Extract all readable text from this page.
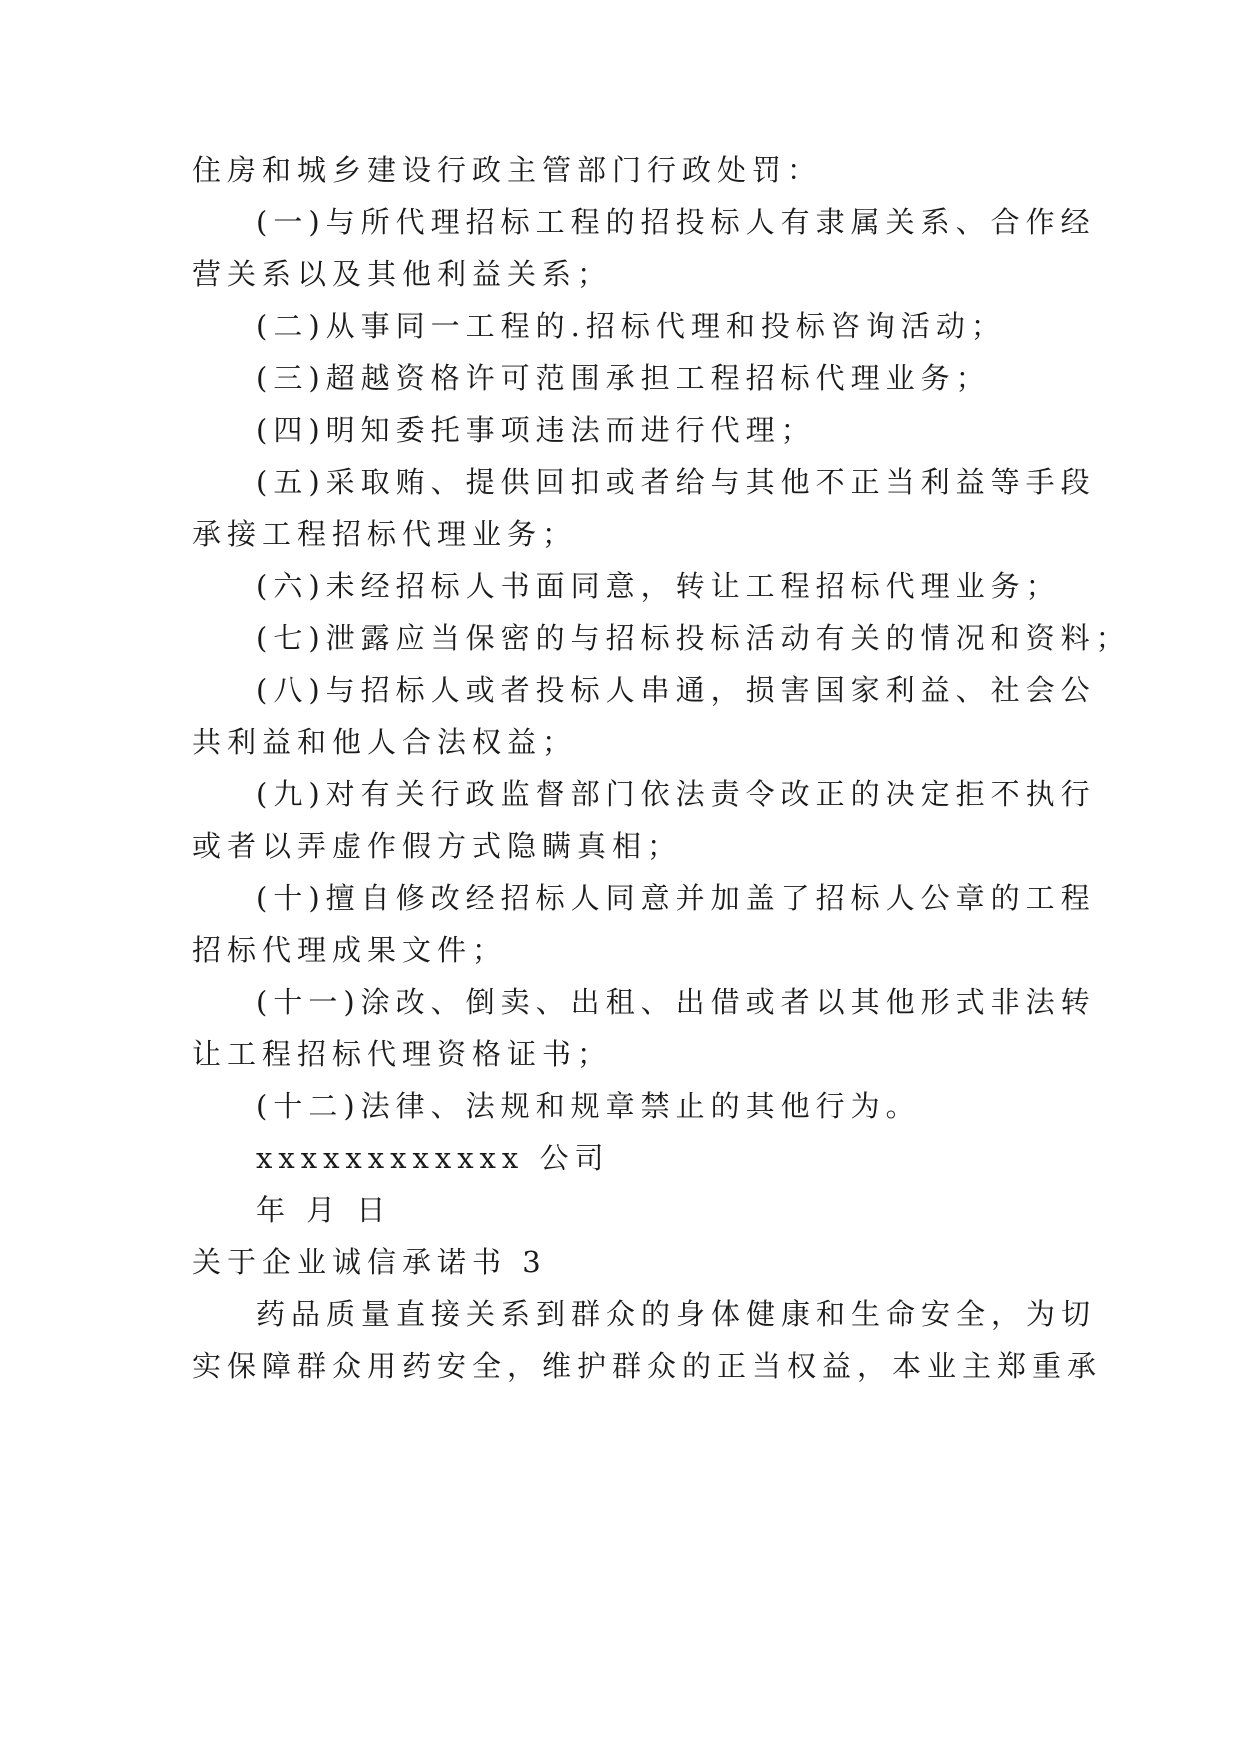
住房和城乡建设行政主管部门行政处罚：
(一)与所代理招标工程的招投标人有隶属关系、合作经
营关系以及其他利益关系；
(二)从事同一工程的.招标代理和投标咨询活动；
(三)超越资格许可范围承担工程招标代理业务；
(四)明知委托事项违法而进行代理；
(五)采取贿、提供回扣或者给与其他不正当利益等手段
承接工程招标代理业务；
(六)未经招标人书面同意，转让工程招标代理业务；
(七)泄露应当保密的与招标投标活动有关的情况和资料；
(八)与招标人或者投标人串通，损害国家利益、社会公
共利益和他人合法权益；
(九)对有关行政监督部门依法责令改正的决定拒不执行
或者以弄虚作假方式隐瞒真相；
(十)擅自修改经招标人同意并加盖了招标人公章的工程
招标代理成果文件；
(十一)涂改、倒卖、出租、出借或者以其他形式非法转
让工程招标代理资格证书；
(十二)法律、法规和规章禁止的其他行为。
xxxxxxxxxxxx 公司
年 月 日
关于企业诚信承诺书 3
药品质量直接关系到群众的身体健康和生命安全，为切
实保障群众用药安全，维护群众的正当权益，本业主郑重承
